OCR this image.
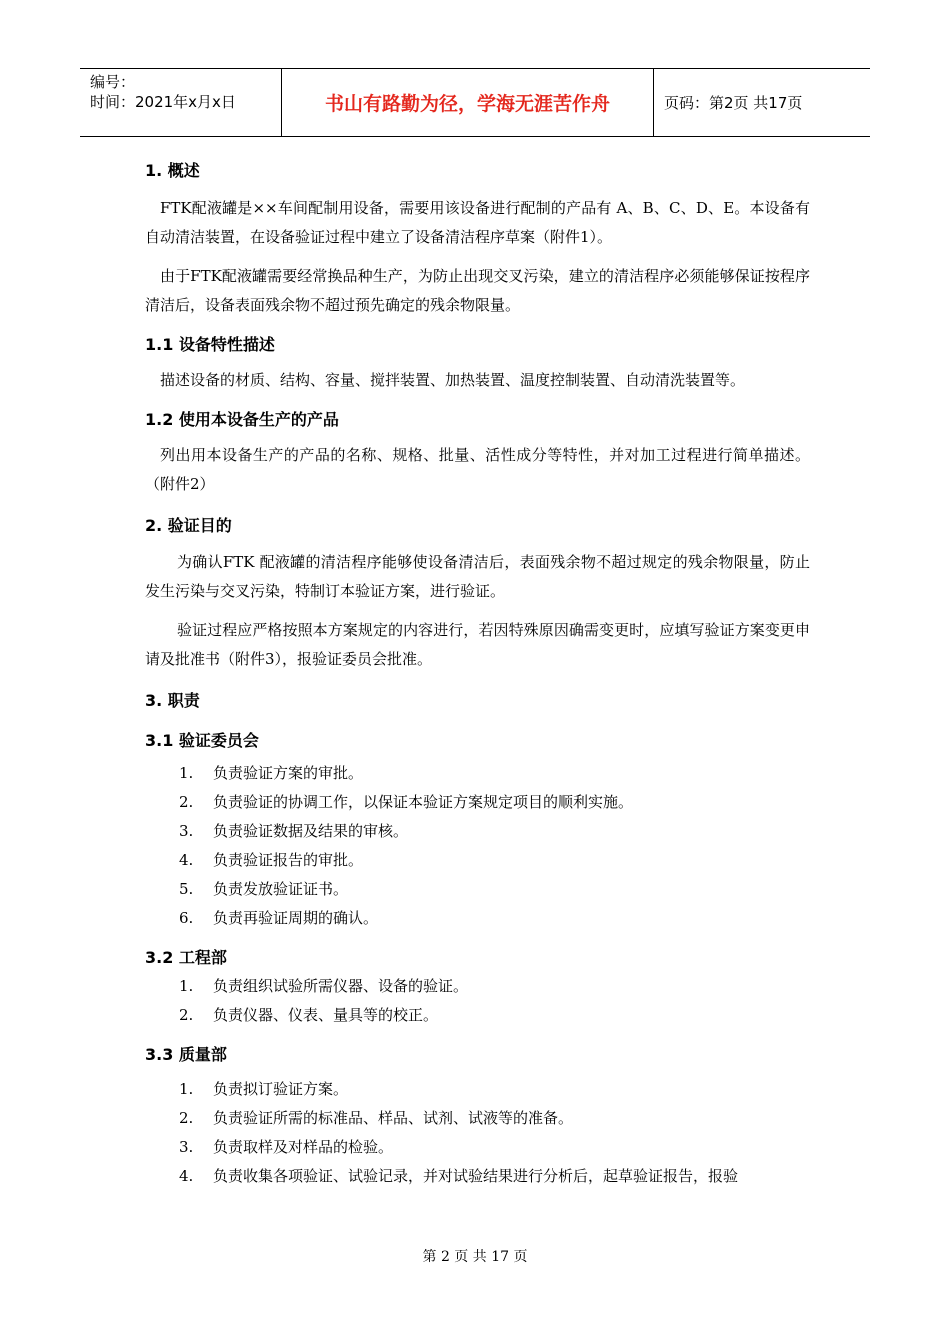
编号：
时间：2021年x月x日	书山有路勤为径，学海无涯苦作舟	页码：第2页 共17页
1. 概述

FTK配液罐是××车间配制用设备，需要用该设备进行配制的产品有 A、B、C、D、E。本设备有自动清洁装置，在设备验证过程中建立了设备清洁程序草案（附件1）。

由于FTK配液罐需要经常换品种生产，为防止出现交叉污染，建立的清洁程序必须能够保证按程序清洁后，设备表面残余物不超过预先确定的残余物限量。

1.1 设备特性描述

描述设备的材质、结构、容量、搅拌装置、加热装置、温度控制装置、自动清洗装置等。

1.2 使用本设备生产的产品

列出用本设备生产的产品的名称、规格、批量、活性成分等特性，并对加工过程进行简单描述。（附件2）

2. 验证目的

为确认FTK 配液罐的清洁程序能够使设备清洁后，表面残余物不超过规定的残余物限量，防止发生污染与交叉污染，特制订本验证方案，进行验证。

验证过程应严格按照本方案规定的内容进行，若因特殊原因确需变更时，应填写验证方案变更申请及批准书（附件3），报验证委员会批准。

3. 职责
3.1 验证委员会
1.	负责验证方案的审批。
2.	负责验证的协调工作，以保证本验证方案规定项目的顺利实施。
3.	负责验证数据及结果的审核。
4.	负责验证报告的审批。
5.	负责发放验证证书。
6.	负责再验证周期的确认。
3.2 工程部
1.	负责组织试验所需仪器、设备的验证。
2.	负责仪器、仪表、量具等的校正。
3.3 质量部
1.	负责拟订验证方案。
2.	负责验证所需的标准品、样品、试剂、试液等的准备。
3.	负责取样及对样品的检验。
4.	负责收集各项验证、试验记录，并对试验结果进行分析后，起草验证报告，报验
第 2 页 共 17 页
